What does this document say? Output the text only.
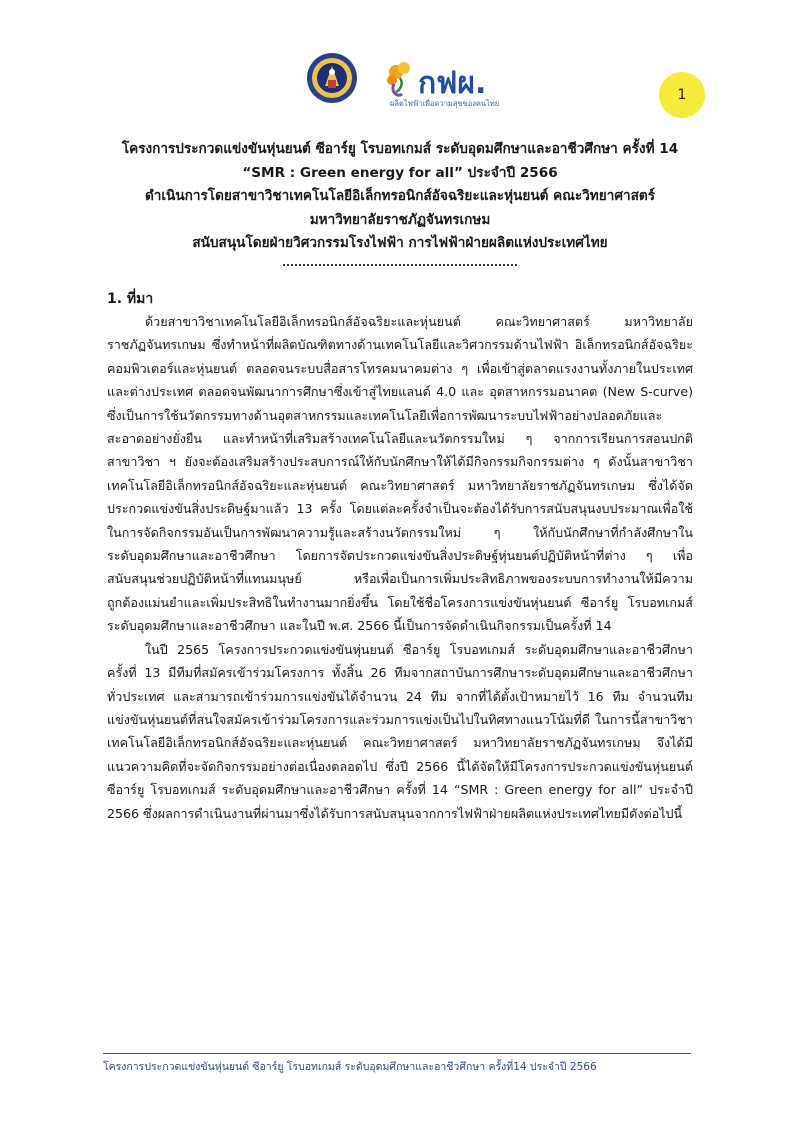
กฟผ.
ผลิตไฟฟ้าเพื่อความสุขของคนไทย
1
โครงการประกวดแข่งขันหุ่นยนต์ ซีอาร์ยู โรบอทเกมส์ ระดับอุดมศึกษาและอาชีวศึกษา ครั้งที่ 14
“SMR : Green energy for all” ประจำปี 2566
ดำเนินการโดยสาขาวิชาเทคโนโลยีอิเล็กทรอนิกส์อัจฉริยะและหุ่นยนต์ คณะวิทยาศาสตร์
มหาวิทยาลัยราชภัฏจันทรเกษม
สนับสนุนโดยฝ่ายวิศวกรรมโรงไฟฟ้า การไฟฟ้าฝ่ายผลิตแห่งประเทศไทย
1. ที่มา
ด้วยสาขาวิชาเทคโนโลยีอิเล็กทรอนิกส์อัจฉริยะและหุ่นยนต์ คณะวิทยาศาสตร์ มหาวิทยาลัย
ราชภัฏจันทรเกษม ซึ่งทำหน้าที่ผลิตบัณฑิตทางด้านเทคโนโลยีและวิศวกรรมด้านไฟฟ้า อิเล็กทรอนิกส์อัจฉริยะ
คอมพิวเตอร์และหุ่นยนต์ ตลอดจนระบบสื่อสารโทรคมนาคมต่าง ๆ เพื่อเข้าสู่ตลาดแรงงานทั้งภายในประเทศ
และต่างประเทศ ตลอดจนพัฒนาการศึกษาซึ่งเข้าสู่ไทยแลนด์ 4.0 และ อุตสาหกรรมอนาคต (New S-curve)
ซึ่งเป็นการใช้นวัตกรรมทางด้านอุตสาหกรรมและเทคโนโลยีเพื่อการพัฒนาระบบไฟฟ้าอย่างปลอดภัยและ
สะอาดอย่างยั่งยืน และทำหน้าที่เสริมสร้างเทคโนโลยีและนวัตกรรมใหม่ ๆ จากการเรียนการสอนปกติ
สาขาวิชา ฯ ยังจะต้องเสริมสร้างประสบการณ์ให้กับนักศึกษาให้ได้มีกิจกรรมกิจกรรมต่าง ๆ ดังนั้นสาขาวิชา
เทคโนโลยีอิเล็กทรอนิกส์อัจฉริยะและหุ่นยนต์ คณะวิทยาศาสตร์ มหาวิทยาลัยราชภัฏจันทรเกษม ซึ่งได้จัด
ประกวดแข่งขันสิ่งประดิษฐ์มาแล้ว 13 ครั้ง โดยแต่ละครั้งจำเป็นจะต้องได้รับการสนับสนุนงบประมาณเพื่อใช้
ในการจัดกิจกรรมอันเป็นการพัฒนาความรู้และสร้างนวัตกรรมใหม่ ๆ ให้กับนักศึกษาที่กำลังศึกษาใน
ระดับอุดมศึกษาและอาชีวศึกษา โดยการจัดประกวดแข่งขันสิ่งประดิษฐ์หุ่นยนต์ปฏิบัติหน้าที่ต่าง ๆ เพื่อ
สนับสนุนช่วยปฏิบัติหน้าที่แทนมนุษย์ หรือเพื่อเป็นการเพิ่มประสิทธิภาพของระบบการทำงานให้มีความ
ถูกต้องแม่นยำและเพิ่มประสิทธิในทำงานมากยิ่งขึ้น โดยใช้ชื่อโครงการแข่งขันหุ่นยนต์ ซีอาร์ยู โรบอทเกมส์
ระดับอุดมศึกษาและอาชีวศึกษา และในปี พ.ศ. 2566 นี้เป็นการจัดดำเนินกิจกรรมเป็นครั้งที่ 14
ในปี 2565 โครงการประกวดแข่งขันหุ่นยนต์ ซีอาร์ยู โรบอทเกมส์ ระดับอุดมศึกษาและอาชีวศึกษา
ครั้งที่ 13 มีทีมที่สมัครเข้าร่วมโครงการ ทั้งสิ้น 26 ทีมจากสถาบันการศึกษาระดับอุดมศึกษาและอาชีวศึกษา
ทั่วประเทศ และสามารถเข้าร่วมการแข่งขันได้จำนวน 24 ทีม จากที่ได้ตั้งเป้าหมายไว้ 16 ทีม จำนวนทีม
แข่งขันหุ่นยนต์ที่สนใจสมัครเข้าร่วมโครงการและร่วมการแข่งเป็นไปในทิศทางแนวโน้มที่ดี ในการนี้สาขาวิชา
เทคโนโลยีอิเล็กทรอนิกส์อัจฉริยะและหุ่นยนต์ คณะวิทยาศาสตร์ มหาวิทยาลัยราชภัฏจันทรเกษม จึงได้มี
แนวความคิดที่จะจัดกิจกรรมอย่างต่อเนื่องตลอดไป ซึ่งปี 2566 นี้ได้จัดให้มีโครงการประกวดแข่งขันหุ่นยนต์
ซีอาร์ยู โรบอทเกมส์ ระดับอุดมศึกษาและอาชีวศึกษา ครั้งที่ 14 “SMR : Green energy for all” ประจำปี
2566 ซึ่งผลการดำเนินงานที่ผ่านมาซึ่งได้รับการสนับสนุนจากการไฟฟ้าฝ่ายผลิตแห่งประเทศไทยมีดังต่อไปนี้
โครงการประกวดแข่งขันหุ่นยนต์ ซีอาร์ยู โรบอทเกมส์ ระดับอุดมศึกษาและอาชีวศึกษา ครั้งที่14 ประจำปี 2566
